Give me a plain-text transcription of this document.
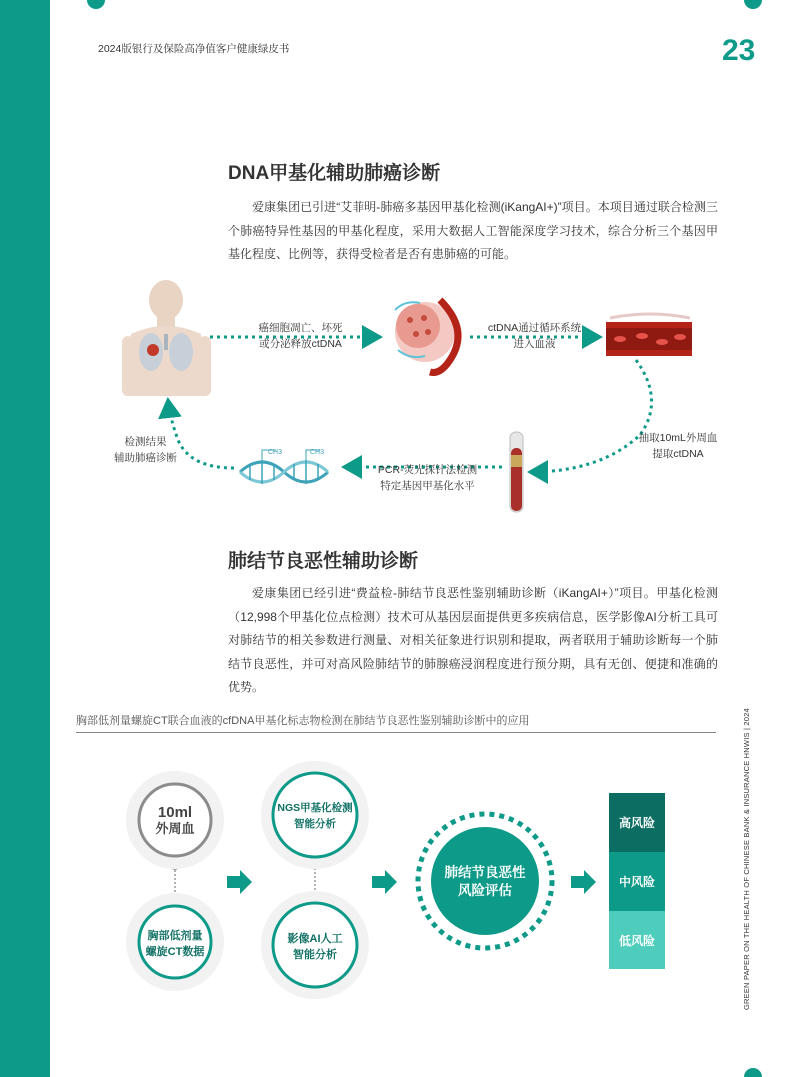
2024版银行及保险高净值客户健康绿皮书	23
GREEN PAPER ON THE HEALTH OF CHINESE BANK & INSURANCE HNWIS | 2024
DNA甲基化辅助肺癌诊断

爱康集团已引进“艾菲明-肺癌多基因甲基化检测(iKangAI+)”项目。本项目通过联合检测三个肺癌特异性基因的甲基化程度，采用大数据人工智能深度学习技术，综合分析三个基因甲基化程度、比例等，获得受检者是否有患肺癌的可能。

CH3	CH3
癌细胞凋亡、坏死
或分泌释放ctDNA
ctDNA通过循环系统
进入血液
抽取10mL外周血
提取ctDNA
PCR-荧光探针法检测
特定基因甲基化水平
检测结果
辅助肺癌诊断
肺结节良恶性辅助诊断

爱康集团已经引进“费益检-肺结节良恶性鉴别辅助诊断（iKangAI+）”项目。甲基化检测（12,998个甲基化位点检测）技术可从基因层面提供更多疾病信息，医学影像AI分析工具可对肺结节的相关参数进行测量、对相关征象进行识别和提取，两者联用于辅助诊断每一个肺结节良恶性，并可对高风险肺结节的肺腺癌浸润程度进行预分期，具有无创、便捷和准确的优势。

胸部低剂量螺旋CT联合血液的cfDNA甲基化标志物检测在肺结节良恶性鉴别辅助诊断中的应用
10ml
外周血
胸部低剂量
螺旋CT数据
NGS甲基化检测
智能分析
影像AI人工
智能分析
肺结节良恶性
风险评估
高风险
中风险
低风险
